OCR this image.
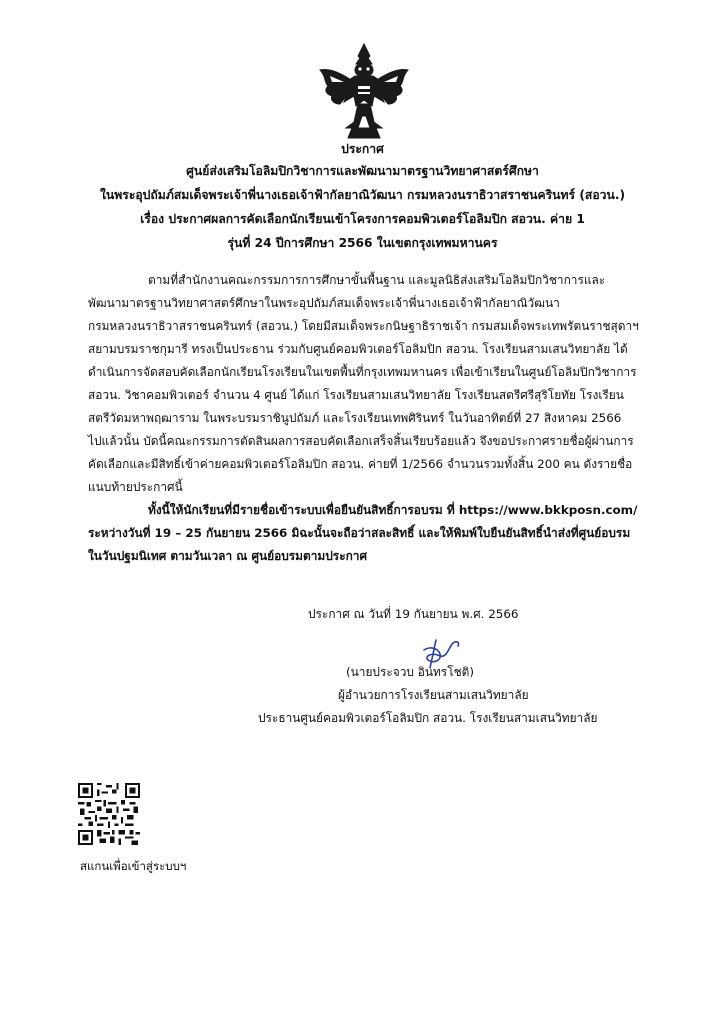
ประกาศ
ศูนย์ส่งเสริมโอลิมปิกวิชาการและพัฒนามาตรฐานวิทยาศาสตร์ศึกษา
ในพระอุปถัมภ์สมเด็จพระเจ้าพี่นางเธอเจ้าฟ้ากัลยาณิวัฒนา กรมหลวงนราธิวาสราชนครินทร์ (สอวน.)
เรื่อง ประกาศผลการคัดเลือกนักเรียนเข้าโครงการคอมพิวเตอร์โอลิมปิก สอวน. ค่าย 1
รุ่นที่ 24 ปีการศึกษา 2566 ในเขตกรุงเทพมหานคร
ตามที่สำนักงานคณะกรรมการการศึกษาขั้นพื้นฐาน และมูลนิธิส่งเสริมโอลิมปิกวิชาการและ
พัฒนามาตรฐานวิทยาศาสตร์ศึกษาในพระอุปถัมภ์สมเด็จพระเจ้าพี่นางเธอเจ้าฟ้ากัลยาณิวัฒนา
กรมหลวงนราธิวาสราชนครินทร์ (สอวน.) โดยมีสมเด็จพระกนิษฐาธิราชเจ้า กรมสมเด็จพระเทพรัตนราชสุดาฯ
สยามบรมราชกุมารี ทรงเป็นประธาน ร่วมกับศูนย์คอมพิวเตอร์โอลิมปิก สอวน. โรงเรียนสามเสนวิทยาลัย ได้
ดำเนินการจัดสอบคัดเลือกนักเรียนโรงเรียนในเขตพื้นที่กรุงเทพมหานคร เพื่อเข้าเรียนในศูนย์โอลิมปิกวิชาการ
สอวน. วิชาคอมพิวเตอร์ จำนวน 4 ศูนย์ ได้แก่ โรงเรียนสามเสนวิทยาลัย โรงเรียนสตรีศรีสุริโยทัย โรงเรียน
สตรีวัดมหาพฤฒาราม ในพระบรมราชินูปถัมภ์ และโรงเรียนเทพศิรินทร์ ในวันอาทิตย์ที่ 27 สิงหาคม 2566
ไปแล้วนั้น บัดนี้คณะกรรมการตัดสินผลการสอบคัดเลือกเสร็จสิ้นเรียบร้อยแล้ว จึงขอประกาศรายชื่อผู้ผ่านการ
คัดเลือกและมีสิทธิ์เข้าค่ายคอมพิวเตอร์โอลิมปิก สอวน. ค่ายที่ 1/2566 จำนวนรวมทั้งสิ้น 200 คน ดังรายชื่อ
แนบท้ายประกาศนี้
ทั้งนี้ให้นักเรียนที่มีรายชื่อเข้าระบบเพื่อยืนยันสิทธิ์การอบรม ที่ https://www.bkkposn.com/
ระหว่างวันที่ 19 – 25 กันยายน 2566 มิฉะนั้นจะถือว่าสละสิทธิ์ และให้พิมพ์ใบยืนยันสิทธิ์นำส่งที่ศูนย์อบรม
ในวันปฐมนิเทศ ตามวันเวลา ณ ศูนย์อบรมตามประกาศ
ประกาศ ณ วันที่ 19 กันยายน พ.ศ. 2566
(นายประจวบ อินทรโชติ)
ผู้อำนวยการโรงเรียนสามเสนวิทยาลัย
ประธานศูนย์คอมพิวเตอร์โอลิมปิก สอวน. โรงเรียนสามเสนวิทยาลัย
สแกนเพื่อเข้าสู่ระบบฯ
